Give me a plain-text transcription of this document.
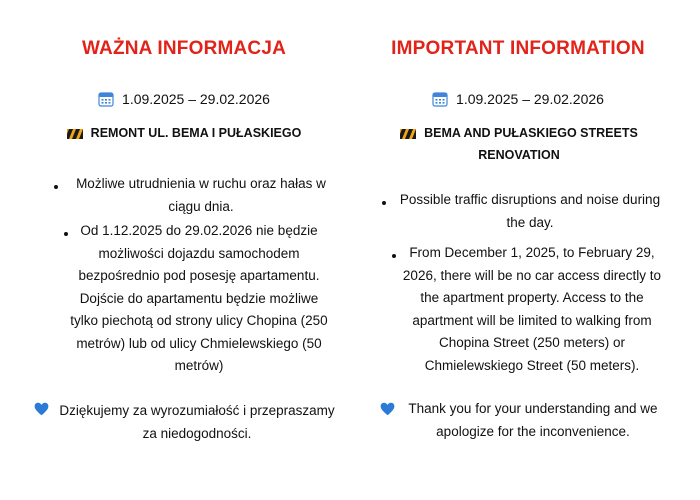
WAŻNA INFORMACJA
1.09.2025 – 29.02.2026
REMONT UL. BEMA I PUŁASKIEGO
Możliwe utrudnienia w ruchu oraz hałas w ciągu dnia.
Od 1.12.2025 do 29.02.2026 nie będzie możliwości dojazdu samochodem bezpośrednio pod posesję apartamentu. Dojście do apartamentu będzie możliwe tylko piechotą od strony ulicy Chopina (250 metrów) lub od ulicy Chmielewskiego (50 metrów)
Dziękujemy za wyrozumiałość i przepraszamy za niedogodności.
IMPORTANT INFORMATION
1.09.2025 – 29.02.2026
BEMA AND PUŁASKIEGO STREETS RENOVATION
Possible traffic disruptions and noise during the day.
From December 1, 2025, to February 29, 2026, there will be no car access directly to the apartment property. Access to the apartment will be limited to walking from Chopina Street (250 meters) or Chmielewskiego Street (50 meters).
Thank you for your understanding and we apologize for the inconvenience.
